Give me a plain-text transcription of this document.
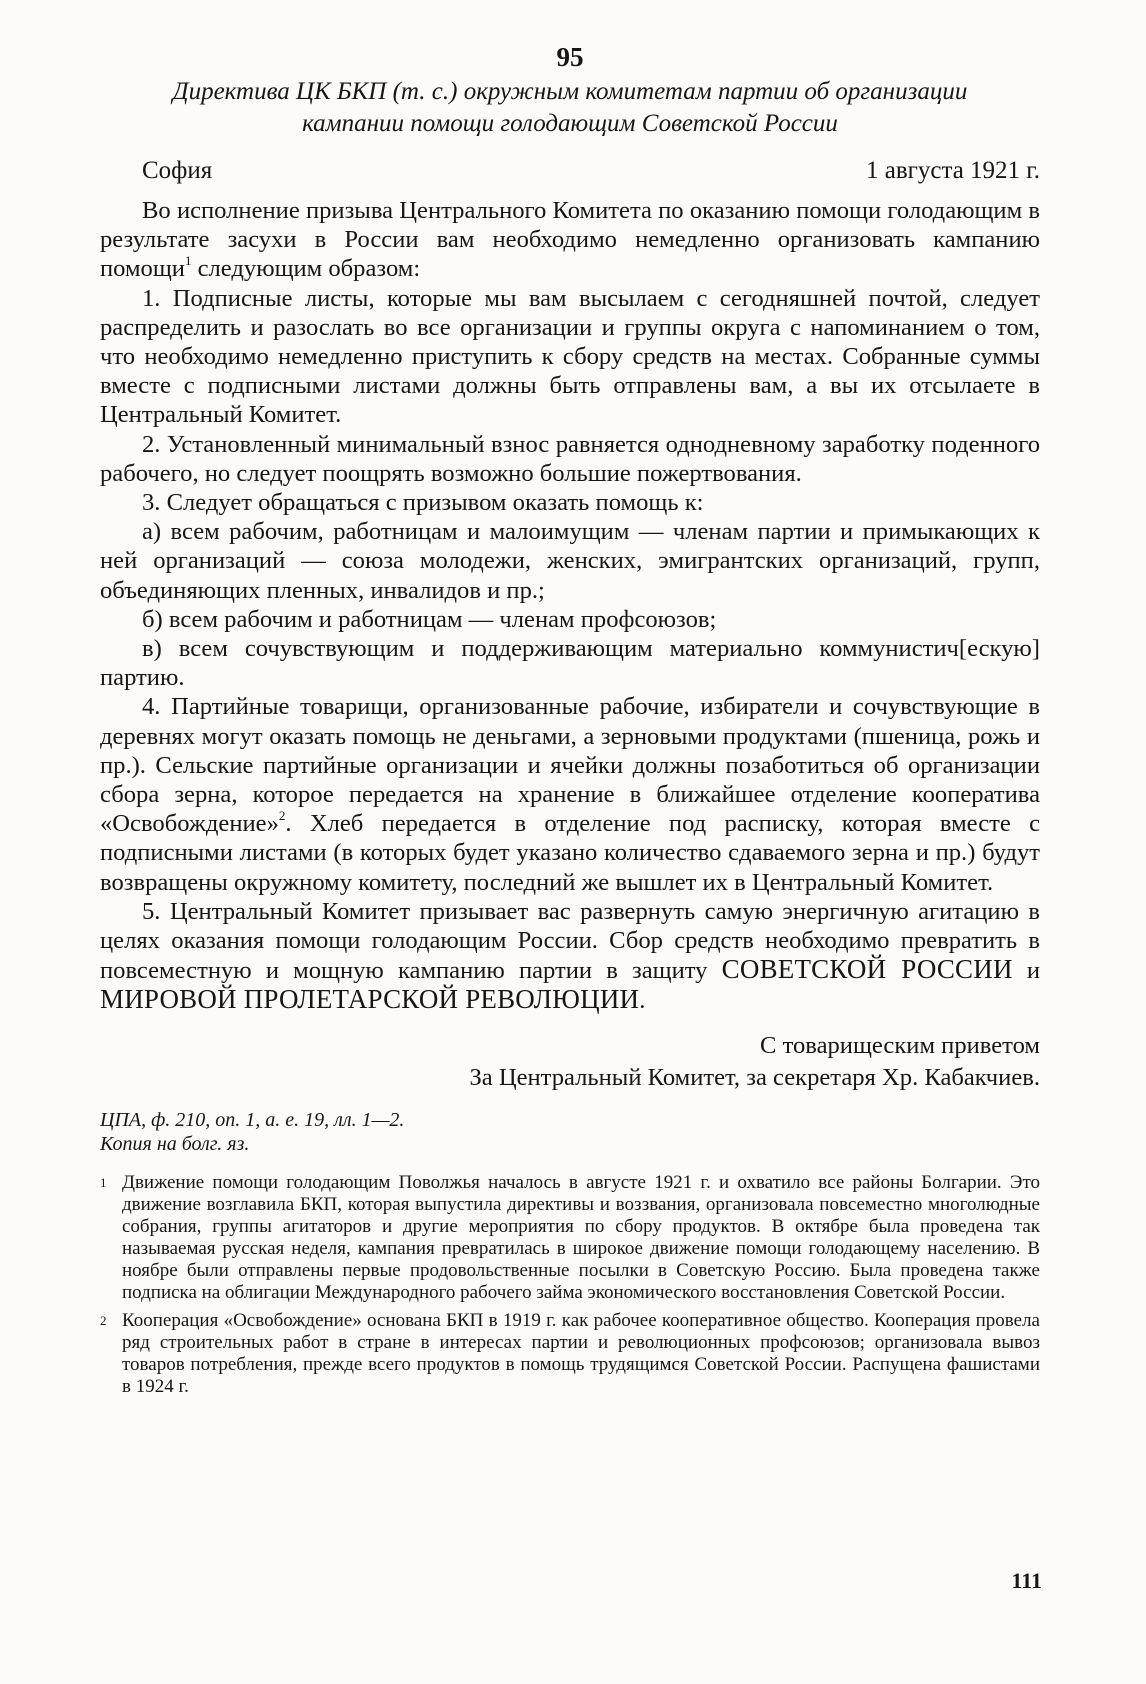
95
Директива ЦК БКП (т. с.) окружным комитетам партии об организации
кампании помощи голодающим Советской России
София	1 августа 1921 г.

Во исполнение призыва Центрального Комитета по оказанию помощи голодающим в результате засухи в России вам необходимо немедленно организовать кампанию помощи$^1$ следующим образом:

1. Подписные листы, которые мы вам высылаем с сегодняшней почтой, следует распределить и разослать во все организации и группы округа с напоминанием о том, что необходимо немедленно приступить к сбору средств на местах. Собранные суммы вместе с подписными листами должны быть отправлены вам, а вы их отсылаете в Центральный Комитет.

2. Установленный минимальный взнос равняется однодневному заработку поденного рабочего, но следует поощрять возможно большие пожертвования.

3. Следует обращаться с призывом оказать помощь к:

а) всем рабочим, работницам и малоимущим — членам партии и примыкающих к ней организаций — союза молодежи, женских, эмигрантских организаций, групп, объединяющих пленных, инвалидов и пр.;

б) всем рабочим и работницам — членам профсоюзов;

в) всем сочувствующим и поддерживающим материально коммунистич[ескую] партию.

4. Партийные товарищи, организованные рабочие, избиратели и сочувствующие в деревнях могут оказать помощь не деньгами, а зерновыми продуктами (пшеница, рожь и пр.). Сельские партийные организации и ячейки должны позаботиться об организации сбора зерна, которое передается на хранение в ближайшее отделение кооператива «Освобождение»$^2$. Хлеб передается в отделение под расписку, которая вместе с подписными листами (в которых будет указано количество сдаваемого зерна и пр.) будут возвращены окружному комитету, последний же вышлет их в Центральный Комитет.

5. Центральный Комитет призывает вас развернуть самую энергичную агитацию в целях оказания помощи голодающим России. Сбор средств необходимо превратить в повсеместную и мощную кампанию партии в защиту СОВЕТСКОЙ РОССИИ и МИРОВОЙ ПРОЛЕТАРСКОЙ РЕВОЛЮЦИИ.

С товарищеским приветом
За Центральный Комитет, за секретаря Хр. Кабакчиев.
ЦПА, ф. 210, оп. 1, а. е. 19, лл. 1—2.
Копия на болг. яз.
1 Движение помощи голодающим Поволжья началось в августе 1921 г. и охватило все районы Болгарии. Это движение возглавила БКП, которая выпустила директивы и воззвания, организовала повсеместно многолюдные собрания, группы агитаторов и другие мероприятия по сбору продуктов. В октябре была проведена так называемая русская неделя, кампания превратилась в широкое движение помощи голодающему населению. В ноябре были отправлены первые продовольственные посылки в Советскую Россию. Была проведена также подписка на облигации Международного рабочего займа экономического восстановления Советской России.
2 Кооперация «Освобождение» основана БКП в 1919 г. как рабочее кооперативное общество. Кооперация провела ряд строительных работ в стране в интересах партии и революционных профсоюзов; организовала вывоз товаров потребления, прежде всего продуктов в помощь трудящимся Советской России. Распущена фашистами в 1924 г.
111
